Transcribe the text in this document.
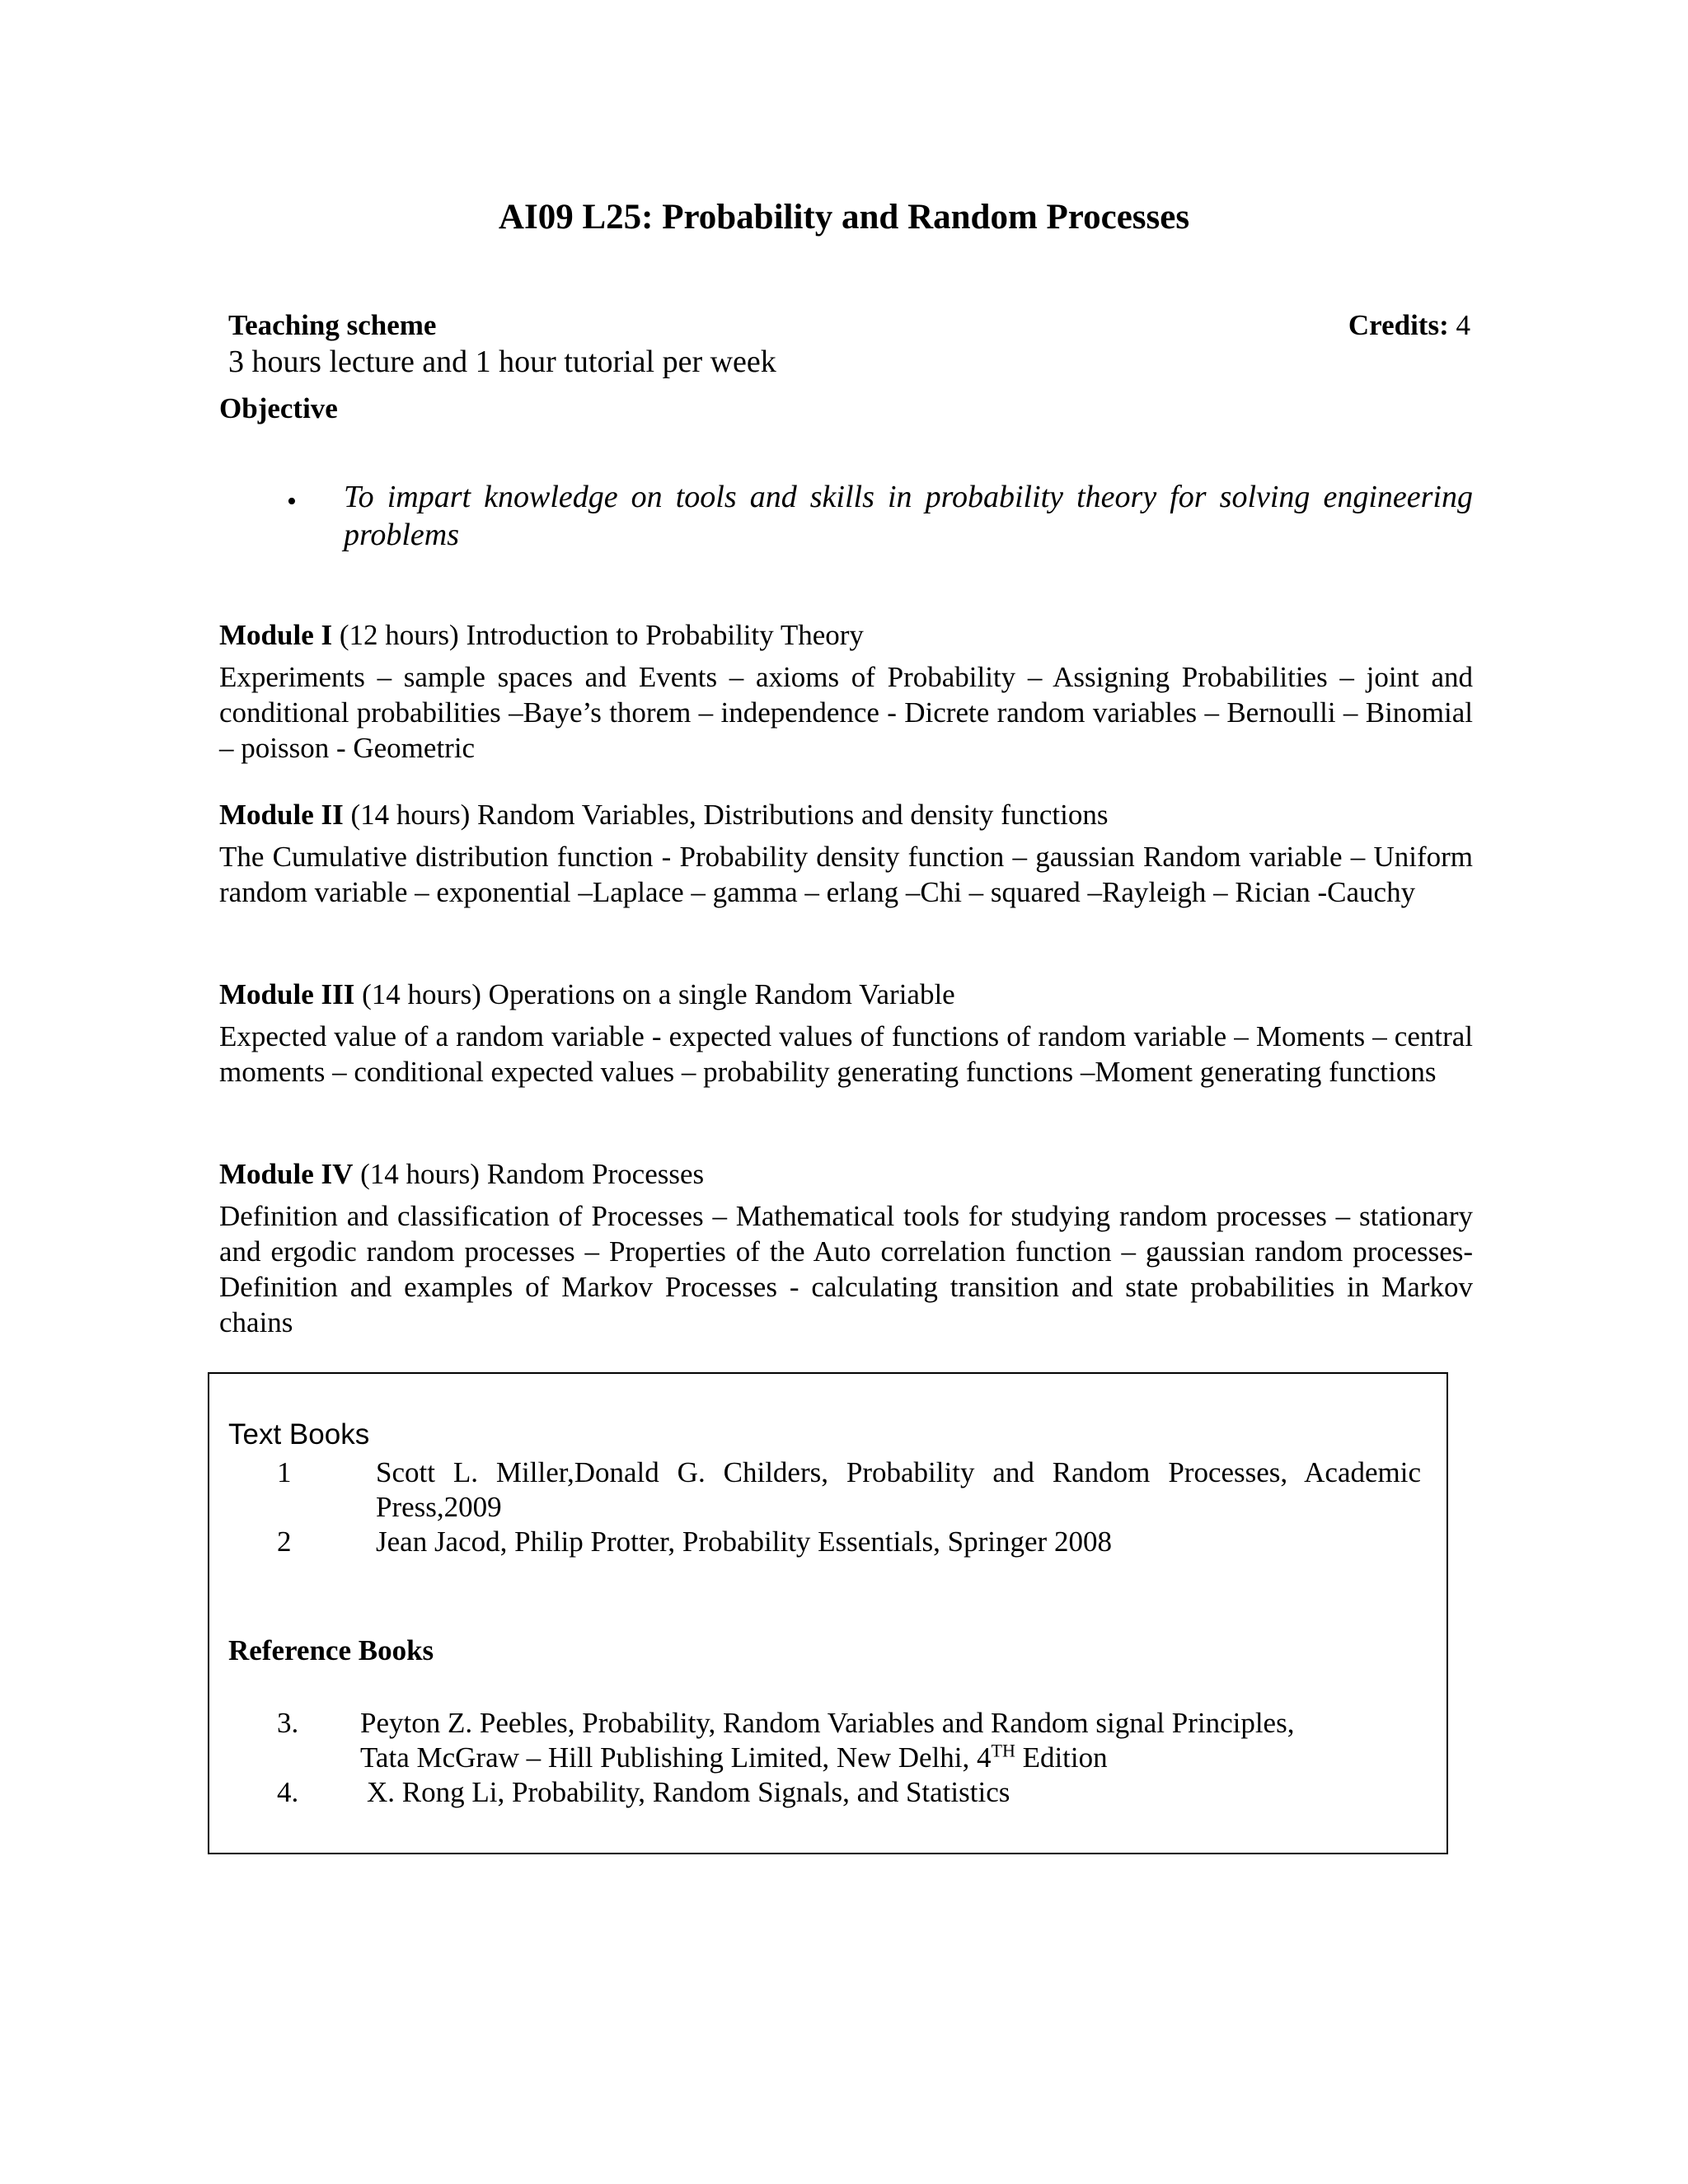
AI09 L25: Probability and Random Processes
Teaching scheme	Credits: 4
3 hours lecture and 1 hour tutorial per week
Objective
• To impart knowledge on tools and skills in probability theory for solving engineering problems
Module I (12 hours) Introduction to Probability Theory
Experiments – sample spaces and Events – axioms of Probability – Assigning Probabilities – joint and conditional probabilities –Baye’s thorem – independence - Dicrete random variables – Bernoulli – Binomial – poisson - Geometric
Module II (14 hours) Random Variables, Distributions and density functions
The Cumulative distribution function - Probability density function – gaussian Random variable – Uniform random variable – exponential –Laplace – gamma – erlang –Chi – squared –Rayleigh – Rician -Cauchy
Module III (14 hours) Operations on a single Random Variable
Expected value of a random variable - expected values of functions of random variable – Moments – central moments – conditional expected values – probability generating functions –Moment generating functions
Module IV (14 hours) Random Processes
Definition and classification of Processes – Mathematical tools for studying random processes – stationary and ergodic random processes – Properties of the Auto correlation function – gaussian random processes- Definition and examples of Markov Processes - calculating transition and state probabilities in Markov chains
Text Books
1	Scott L. Miller,Donald G. Childers, Probability and Random Processes, Academic Press,2009
2	Jean Jacod, Philip Protter, Probability Essentials, Springer 2008
Reference Books
3. Peyton Z. Peebles, Probability, Random Variables and Random signal Principles,
Tata McGraw – Hill Publishing Limited, New Delhi, 4TH Edition
4. X. Rong Li, Probability, Random Signals, and Statistics
